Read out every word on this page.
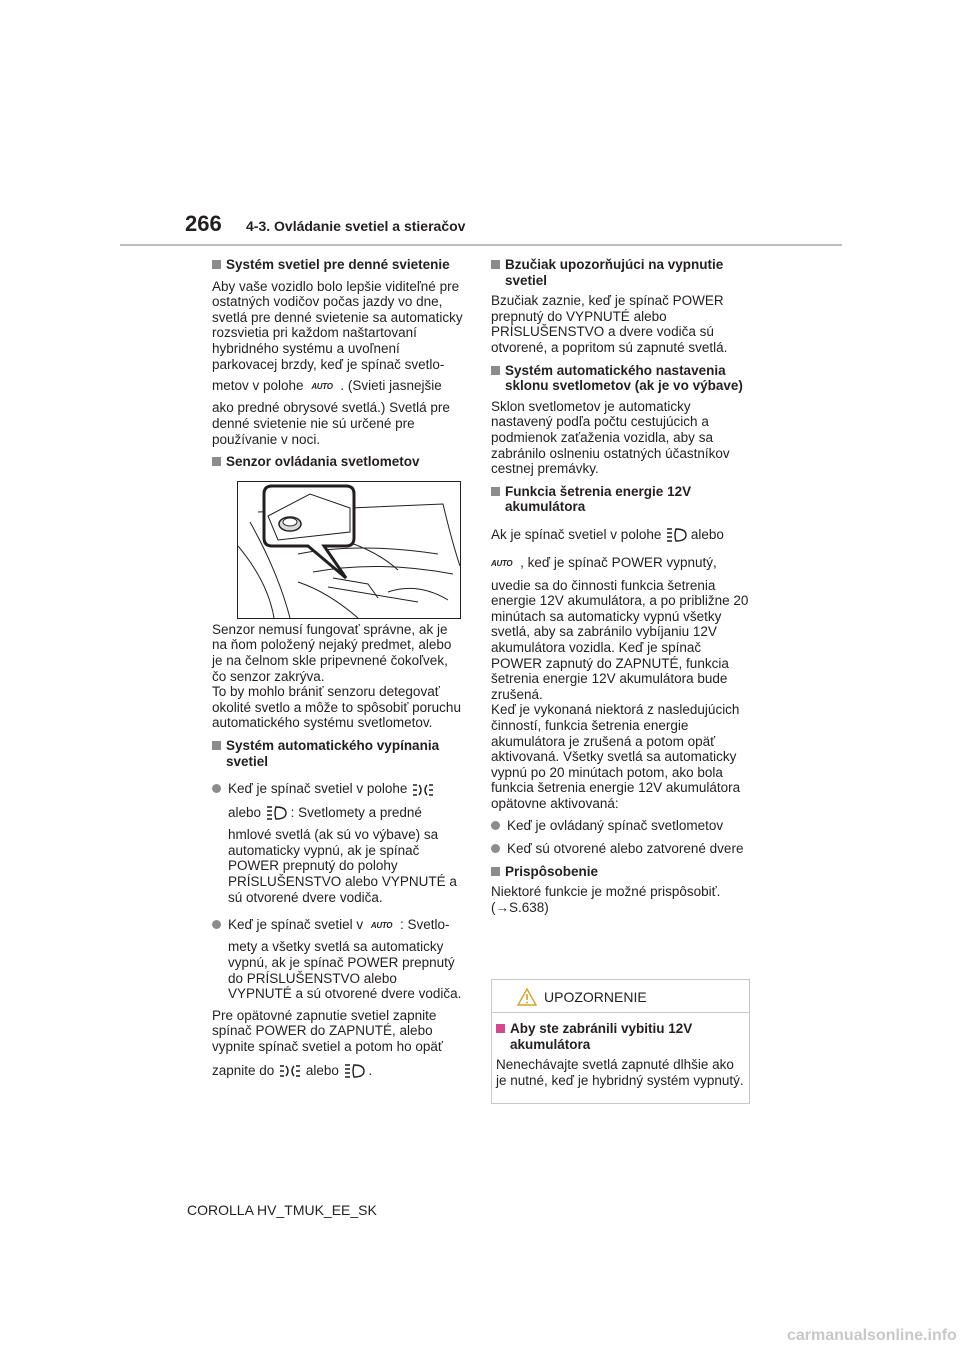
266 4-3. Ovládanie svetiel a stieračov

Systém svetiel pre denné svietenie

Aby vaše vozidlo bolo lepšie viditeľné pre ostatných vodičov počas jazdy vo dne, svetlá pre denné svietenie sa automaticky rozsvietia pri každom naštartovaní hybridného systému a uvoľnení parkovacej brzdy, keď je spínač svetlo-

metov v polohe AUTO . (Svieti jasnejšie

ako predné obrysové svetlá.) Svetlá pre denné svietenie nie sú určené pre používanie v noci.

Senzor ovládania svetlometov

Senzor nemusí fungovať správne, ak je na ňom položený nejaký predmet, alebo je na čelnom skle pripevnené čokoľvek, čo senzor zakrýva.

To by mohlo brániť senzoru detegovať okolité svetlo a môže to spôsobiť poruchu automatického systému svetlometov.

Systém automatického vypínania svetiel

Keď je spínač svetiel v polohe

alebo : Svetlomety a predné

hmlové svetlá (ak sú vo výbave) sa automaticky vypnú, ak je spínač POWER prepnutý do polohy PRÍSLUŠENSTVO alebo VYPNUTÉ a sú otvorené dvere vodiča.

Keď je spínač svetiel v AUTO : Svetlo-

mety a všetky svetlá sa automaticky vypnú, ak je spínač POWER prepnutý do PRÍSLUŠENSTVO alebo VYPNUTÉ a sú otvorené dvere vodiča.

Pre opätovné zapnutie svetiel zapnite spínač POWER do ZAPNUTÉ, alebo vypnite spínač svetiel a potom ho opäť

zapnite do alebo .

Bzučiak upozorňujúci na vypnutie svetiel

Bzučiak zaznie, keď je spínač POWER prepnutý do VYPNUTÉ alebo PRÍSLUŠENSTVO a dvere vodiča sú otvorené, a popritom sú zapnuté svetlá.

Systém automatického nastavenia sklonu svetlometov (ak je vo výbave)

Sklon svetlometov je automaticky nastavený podľa počtu cestujúcich a podmienok zaťaženia vozidla, aby sa zabránilo oslneniu ostatných účastníkov cestnej premávky.

Funkcia šetrenia energie 12V akumulátora

Ak je spínač svetiel v polohe alebo

AUTO , keď je spínač POWER vypnutý,

uvedie sa do činnosti funkcia šetrenia energie 12V akumulátora, a po približne 20 minútach sa automaticky vypnú všetky svetlá, aby sa zabránilo vybíjaniu 12V akumulátora vozidla. Keď je spínač POWER zapnutý do ZAPNUTÉ, funkcia šetrenia energie 12V akumulátora bude zrušená.

Keď je vykonaná niektorá z nasledujúcich činností, funkcia šetrenia energie akumulátora je zrušená a potom opäť aktivovaná. Všetky svetlá sa automaticky vypnú po 20 minútach potom, ako bola funkcia šetrenia energie 12V akumulátora opätovne aktivovaná:

Keď je ovládaný spínač svetlometov

Keď sú otvorené alebo zatvorené dvere

Prispôsobenie

Niektoré funkcie je možné prispôsobiť.

(→S.638)

UPOZORNENIE

Aby ste zabránili vybitiu 12V akumulátora

Nenechávajte svetlá zapnuté dlhšie ako je nutné, keď je hybridný systém vypnutý.

COROLLA HV_TMUK_EE_SK
carmanualsonline.info
